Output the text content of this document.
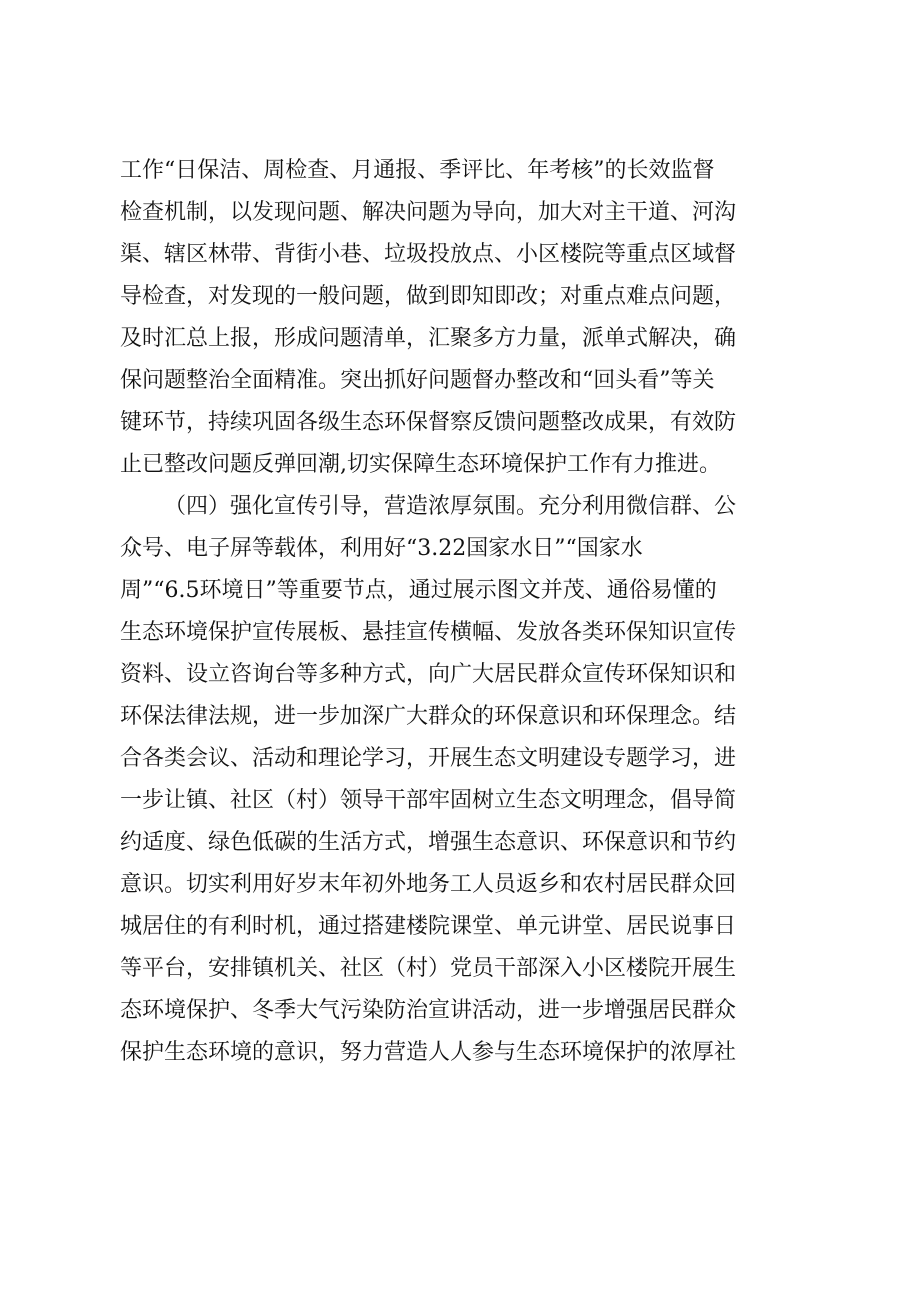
工作“日保洁、周检查、月通报、季评比、年考核”的长效监督
检查机制，以发现问题、解决问题为导向，加大对主干道、河沟
渠、辖区林带、背街小巷、垃圾投放点、小区楼院等重点区域督
导检查，对发现的一般问题，做到即知即改；对重点难点问题，
及时汇总上报，形成问题清单，汇聚多方力量，派单式解决，确
保问题整治全面精准。突出抓好问题督办整改和“回头看”等关
键环节，持续巩固各级生态环保督察反馈问题整改成果，有效防
止已整改问题反弹回潮,切实保障生态环境保护工作有力推进。
（四）强化宣传引导，营造浓厚氛围。充分利用微信群、公
众号、电子屏等载体，利用好“3.22国家水日”“国家水
周”“6.5环境日”等重要节点，通过展示图文并茂、通俗易懂的
生态环境保护宣传展板、悬挂宣传横幅、发放各类环保知识宣传
资料、设立咨询台等多种方式，向广大居民群众宣传环保知识和
环保法律法规，进一步加深广大群众的环保意识和环保理念。结
合各类会议、活动和理论学习，开展生态文明建设专题学习，进
一步让镇、社区（村）领导干部牢固树立生态文明理念，倡导简
约适度、绿色低碳的生活方式，增强生态意识、环保意识和节约
意识。切实利用好岁末年初外地务工人员返乡和农村居民群众回
城居住的有利时机，通过搭建楼院课堂、单元讲堂、居民说事日
等平台，安排镇机关、社区（村）党员干部深入小区楼院开展生
态环境保护、冬季大气污染防治宣讲活动，进一步增强居民群众
保护生态环境的意识，努力营造人人参与生态环境保护的浓厚社
